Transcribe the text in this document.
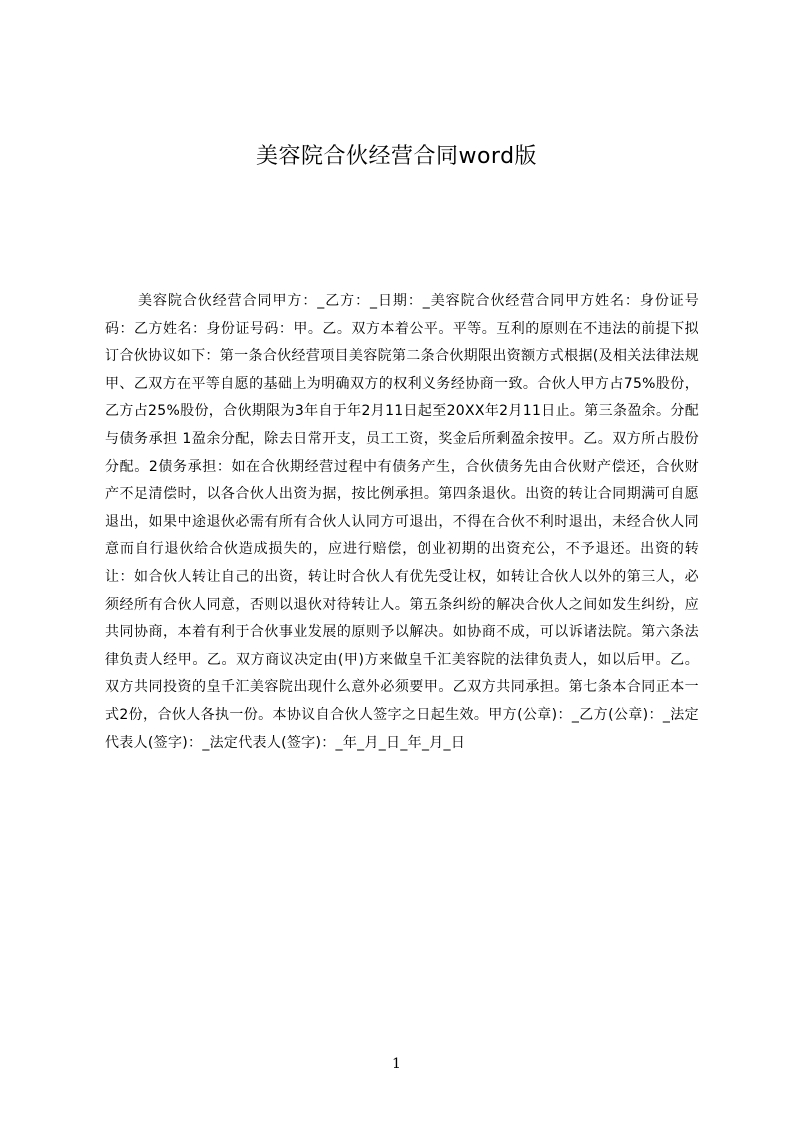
美容院合伙经营合同word版

美容院合伙经营合同甲方：_乙方：_日期：_美容院合伙经营合同甲方姓名：身份证号码：乙方姓名：身份证号码：甲。乙。双方本着公平。平等。互利的原则在不违法的前提下拟订合伙协议如下：第一条合伙经营项目美容院第二条合伙期限出资额方式根据(及相关法律法规甲、乙双方在平等自愿的基础上为明确双方的权利义务经协商一致。合伙人甲方占75%股份，乙方占25%股份，合伙期限为3年自于年2月11日起至20XX年2月11日止。第三条盈余。分配与债务承担 1盈余分配，除去日常开支，员工工资，奖金后所剩盈余按甲。乙。双方所占股份分配。2债务承担：如在合伙期经营过程中有债务产生，合伙债务先由合伙财产偿还，合伙财产不足清偿时，以各合伙人出资为据，按比例承担。第四条退伙。出资的转让合同期满可自愿退出，如果中途退伙必需有所有合伙人认同方可退出，不得在合伙不利时退出，未经合伙人同意而自行退伙给合伙造成损失的，应进行赔偿，创业初期的出资充公，不予退还。出资的转让：如合伙人转让自己的出资，转让时合伙人有优先受让权，如转让合伙人以外的第三人，必须经所有合伙人同意，否则以退伙对待转让人。第五条纠纷的解决合伙人之间如发生纠纷，应共同协商，本着有利于合伙事业发展的原则予以解决。如协商不成，可以诉诸法院。第六条法律负责人经甲。乙。双方商议决定由(甲)方来做皇千汇美容院的法律负责人，如以后甲。乙。双方共同投资的皇千汇美容院出现什么意外必须要甲。乙双方共同承担。第七条本合同正本一式2份，合伙人各执一份。本协议自合伙人签字之日起生效。甲方(公章)：_乙方(公章)：_法定代表人(签字)：_法定代表人(签字)：_年_月_日_年_月_日

1
